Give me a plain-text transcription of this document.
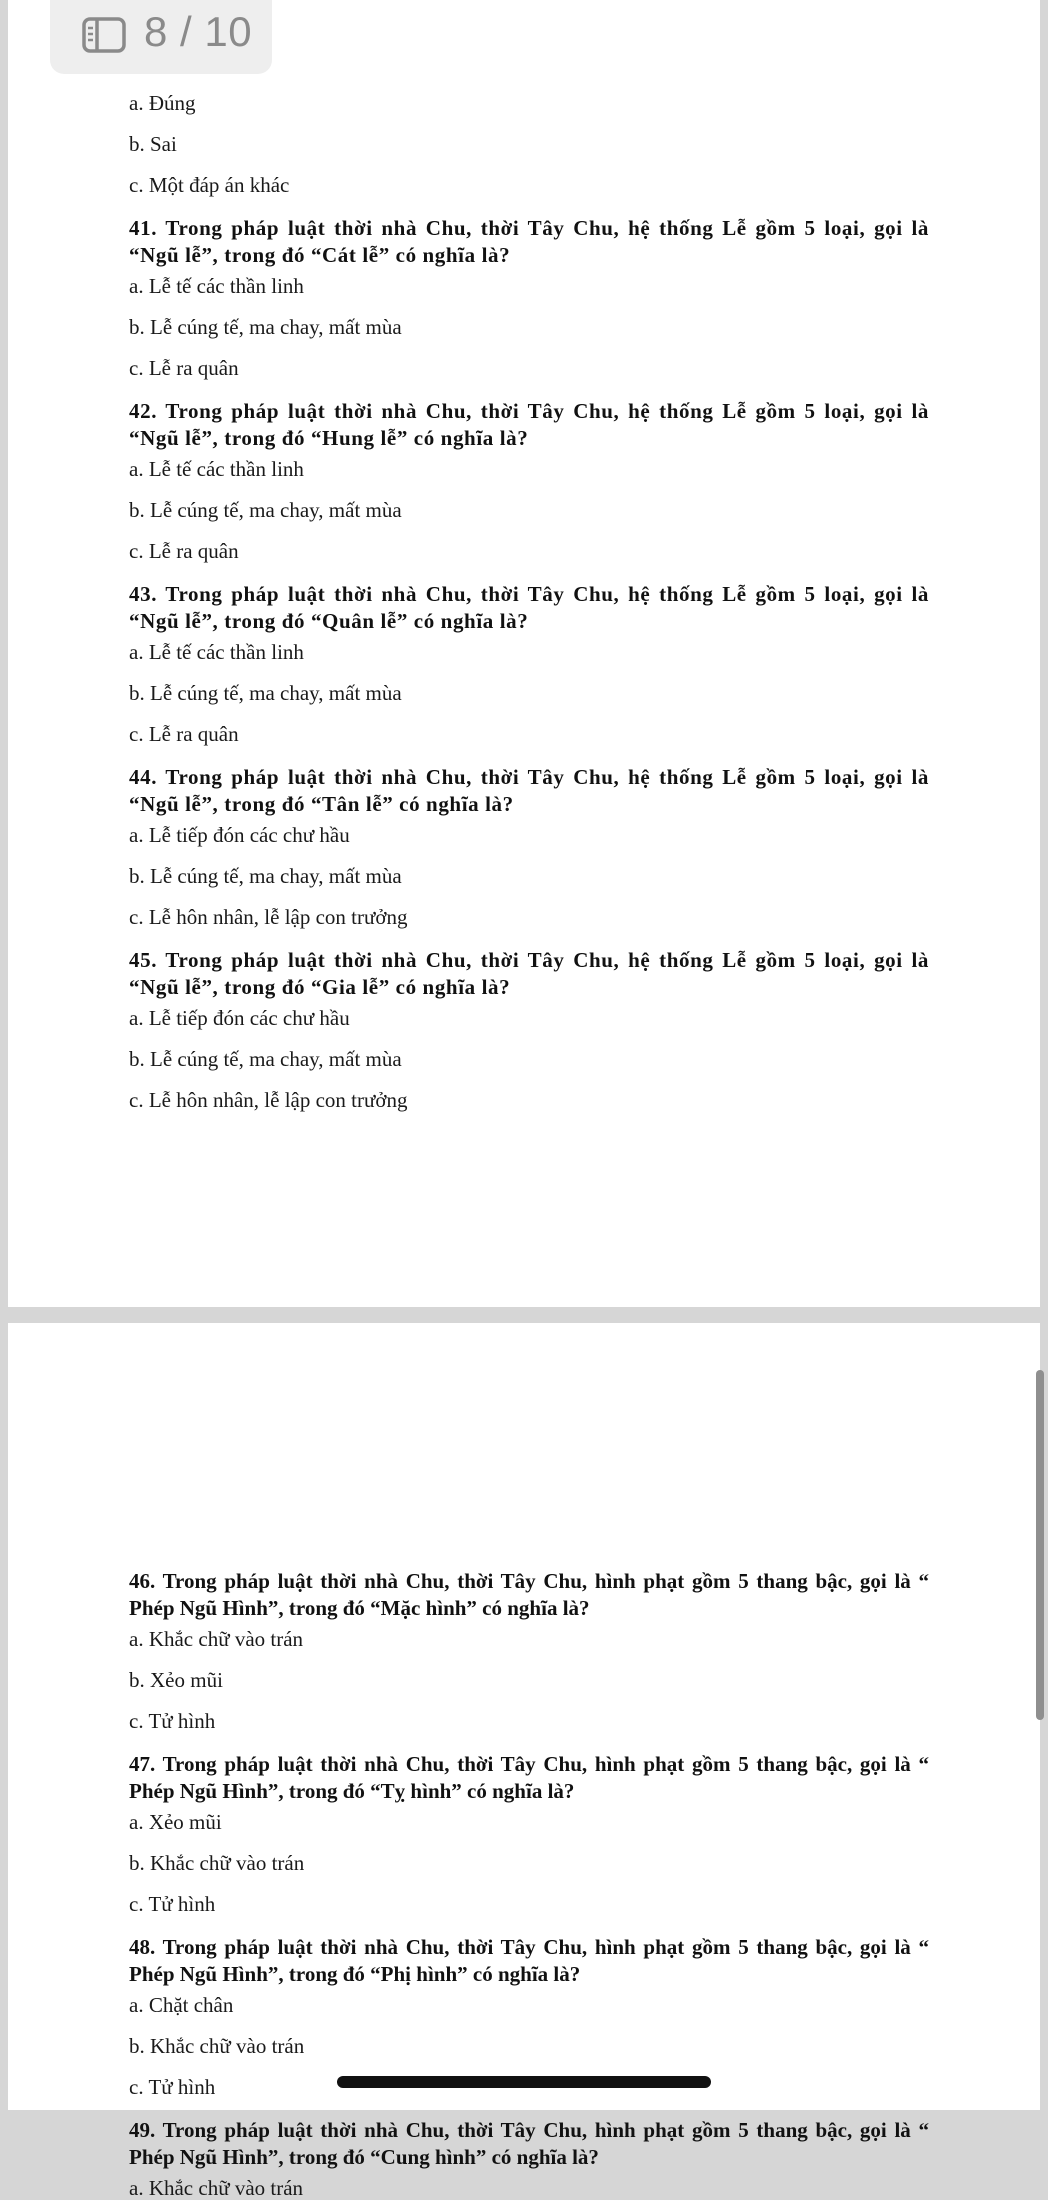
8 / 10

a. Đúng

b. Sai

c. Một đáp án khác

41. Trong pháp luật thời nhà Chu, thời Tây Chu, hệ thống Lễ gồm 5 loại, gọi là “Ngũ lễ”, trong đó “Cát lễ” có nghĩa là?

a. Lễ tế các thần linh

b. Lễ cúng tế, ma chay, mất mùa

c. Lễ ra quân

42. Trong pháp luật thời nhà Chu, thời Tây Chu, hệ thống Lễ gồm 5 loại, gọi là “Ngũ lễ”, trong đó “Hung lễ” có nghĩa là?

a. Lễ tế các thần linh

b. Lễ cúng tế, ma chay, mất mùa

c. Lễ ra quân

43. Trong pháp luật thời nhà Chu, thời Tây Chu, hệ thống Lễ gồm 5 loại, gọi là “Ngũ lễ”, trong đó “Quân lễ” có nghĩa là?

a. Lễ tế các thần linh

b. Lễ cúng tế, ma chay, mất mùa

c. Lễ ra quân

44. Trong pháp luật thời nhà Chu, thời Tây Chu, hệ thống Lễ gồm 5 loại, gọi là “Ngũ lễ”, trong đó “Tân lễ” có nghĩa là?

a. Lễ tiếp đón các chư hầu

b. Lễ cúng tế, ma chay, mất mùa

c. Lễ hôn nhân, lễ lập con trưởng

45. Trong pháp luật thời nhà Chu, thời Tây Chu, hệ thống Lễ gồm 5 loại, gọi là “Ngũ lễ”, trong đó “Gia lễ” có nghĩa là?

a. Lễ tiếp đón các chư hầu

b. Lễ cúng tế, ma chay, mất mùa

c. Lễ hôn nhân, lễ lập con trưởng

46. Trong pháp luật thời nhà Chu, thời Tây Chu, hình phạt gồm 5 thang bậc, gọi là “ Phép Ngũ Hình”, trong đó “Mặc hình” có nghĩa là?

a. Khắc chữ vào trán

b. Xẻo mũi

c. Tử hình

47. Trong pháp luật thời nhà Chu, thời Tây Chu, hình phạt gồm 5 thang bậc, gọi là “ Phép Ngũ Hình”, trong đó “Tỵ hình” có nghĩa là?

a. Xẻo mũi

b. Khắc chữ vào trán

c. Tử hình

48. Trong pháp luật thời nhà Chu, thời Tây Chu, hình phạt gồm 5 thang bậc, gọi là “ Phép Ngũ Hình”, trong đó “Phị hình” có nghĩa là?

a. Chặt chân

b. Khắc chữ vào trán

c. Tử hình

49. Trong pháp luật thời nhà Chu, thời Tây Chu, hình phạt gồm 5 thang bậc, gọi là “ Phép Ngũ Hình”, trong đó “Cung hình” có nghĩa là?

a. Khắc chữ vào trán
